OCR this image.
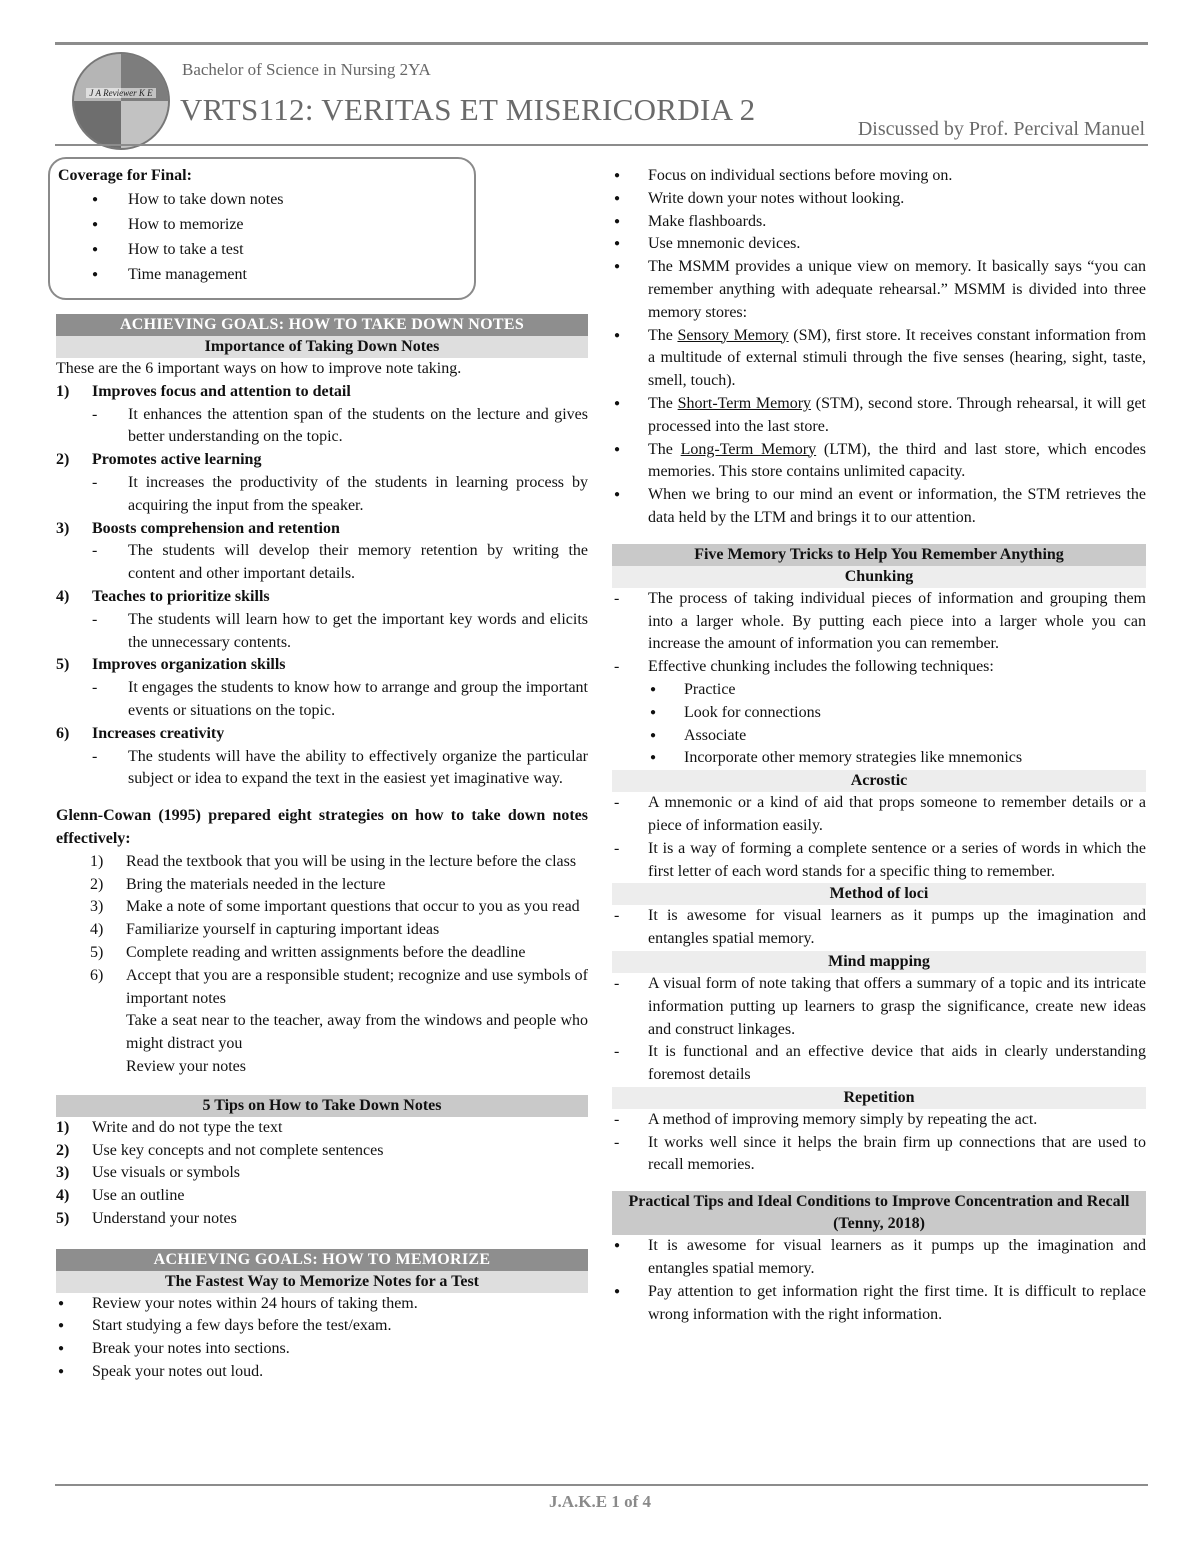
J A Reviewer K E
Bachelor of Science in Nursing 2YA
VRTS112: VERITAS ET MISERICORDIA 2
Discussed by Prof. Percival Manuel
Coverage for Final:
● How to take down notes
● How to memorize
● How to take a test
● Time management
ACHIEVING GOALS: HOW TO TAKE DOWN NOTES
Importance of Taking Down Notes

These are the 6 important ways on how to improve note taking.

1) Improves focus and attention to detail
- It enhances the attention span of the students on the lecture and gives better understanding on the topic.
2) Promotes active learning
- It increases the productivity of the students in learning process by acquiring the input from the speaker.
3) Boosts comprehension and retention
- The students will develop their memory retention by writing the content and other important details.
4) Teaches to prioritize skills
- The students will learn how to get the important key words and elicits the unnecessary contents.
5) Improves organization skills
- It engages the students to know how to arrange and group the important events or situations on the topic.
6) Increases creativity
- The students will have the ability to effectively organize the particular subject or idea to expand the text in the easiest yet imaginative way.

Glenn-Cowan (1995) prepared eight strategies on how to take down notes effectively:

1) Read the textbook that you will be using in the lecture before the class
2) Bring the materials needed in the lecture
3) Make a note of some important questions that occur to you as you read
4) Familiarize yourself in capturing important ideas
5) Complete reading and written assignments before the deadline
6) Accept that you are a responsible student; recognize and use symbols of important notes
Take a seat near to the teacher, away from the windows and people who might distract you
Review your notes
5 Tips on How to Take Down Notes
1) Write and do not type the text
2) Use key concepts and not complete sentences
3) Use visuals or symbols
4) Use an outline
5) Understand your notes
ACHIEVING GOALS: HOW TO MEMORIZE
The Fastest Way to Memorize Notes for a Test
● Review your notes within 24 hours of taking them.
● Start studying a few days before the test/exam.
● Break your notes into sections.
● Speak your notes out loud.
● Focus on individual sections before moving on.
● Write down your notes without looking.
● Make flashboards.
● Use mnemonic devices.
● The MSMM provides a unique view on memory. It basically says “you can remember anything with adequate rehearsal.” MSMM is divided into three memory stores:
● The Sensory Memory (SM), first store. It receives constant information from a multitude of external stimuli through the five senses (hearing, sight, taste, smell, touch).
● The Short-Term Memory (STM), second store. Through rehearsal, it will get processed into the last store.
● The Long-Term Memory (LTM), the third and last store, which encodes memories. This store contains unlimited capacity.
● When we bring to our mind an event or information, the STM retrieves the data held by the LTM and brings it to our attention.
Five Memory Tricks to Help You Remember Anything
Chunking
- The process of taking individual pieces of information and grouping them into a larger whole. By putting each piece into a larger whole you can increase the amount of information you can remember.
- Effective chunking includes the following techniques:
● Practice
● Look for connections
● Associate
● Incorporate other memory strategies like mnemonics
Acrostic
- A mnemonic or a kind of aid that props someone to remember details or a piece of information easily.
- It is a way of forming a complete sentence or a series of words in which the first letter of each word stands for a specific thing to remember.
Method of loci
- It is awesome for visual learners as it pumps up the imagination and entangles spatial memory.
Mind mapping
- A visual form of note taking that offers a summary of a topic and its intricate information putting up learners to grasp the significance, create new ideas and construct linkages.
- It is functional and an effective device that aids in clearly understanding foremost details
Repetition
- A method of improving memory simply by repeating the act.
- It works well since it helps the brain firm up connections that are used to recall memories.
Practical Tips and Ideal Conditions to Improve Concentration and Recall (Tenny, 2018)
● It is awesome for visual learners as it pumps up the imagination and entangles spatial memory.
● Pay attention to get information right the first time. It is difficult to replace wrong information with the right information.
J.A.K.E 1 of 4
